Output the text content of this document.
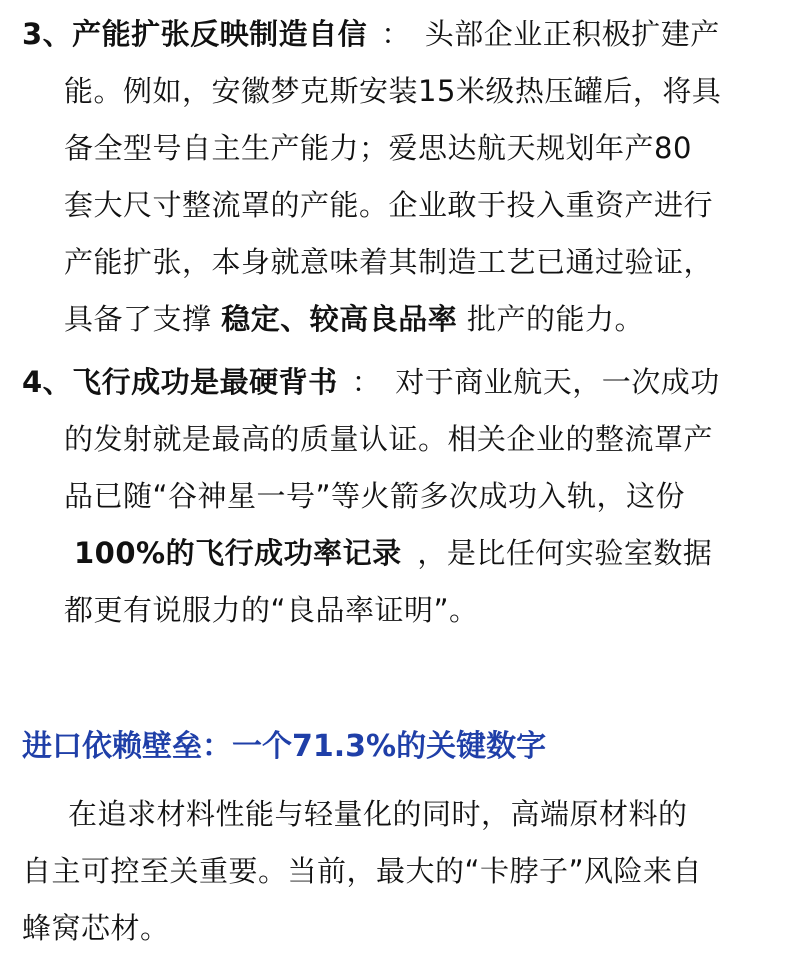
3、产能扩张反映制造自信 ： 头部企业正积极扩建产
能。例如，安徽梦克斯安装15米级热压罐后，将具
备全型号自主生产能力；爱思达航天规划年产80
套大尺寸整流罩的产能。企业敢于投入重资产进行
产能扩张，本身就意味着其制造工艺已通过验证，
具备了支撑 稳定、较高良品率 批产的能力。
4、飞行成功是最硬背书 ： 对于商业航天，一次成功
的发射就是最高的质量认证。相关企业的整流罩产
品已随“谷神星一号”等火箭多次成功入轨，这份
100%的飞行成功率记录 ，是比任何实验室数据
都更有说服力的“良品率证明”。
进口依赖壁垒：一个71.3%的关键数字
在追求材料性能与轻量化的同时，高端原材料的
自主可控至关重要。当前，最大的“卡脖子”风险来自
蜂窝芯材。
